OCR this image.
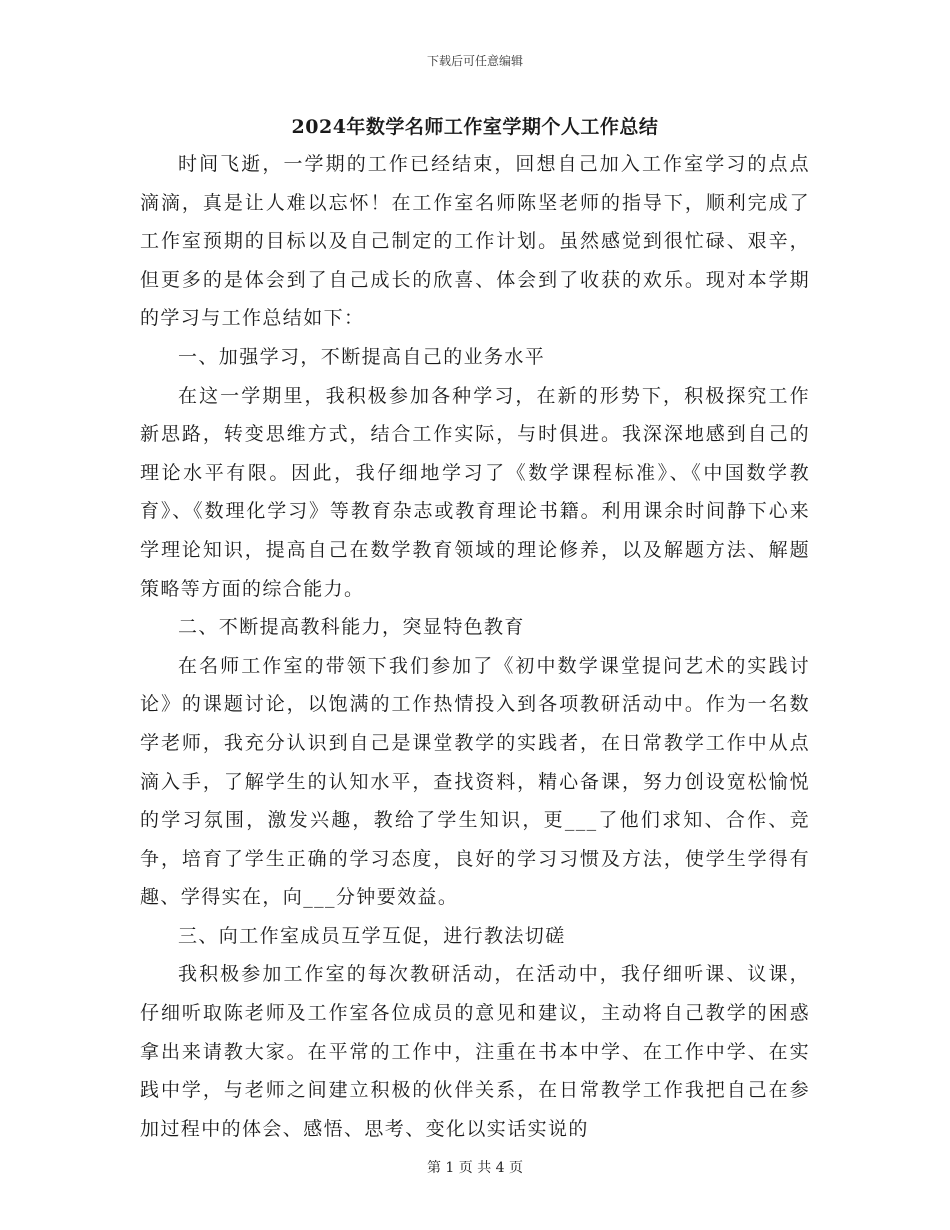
下载后可任意编辑
2024年数学名师工作室学期个人工作总结

时间飞逝，一学期的工作已经结束，回想自己加入工作室学习的点点滴滴，真是让人难以忘怀！在工作室名师陈坚老师的指导下，顺利完成了工作室预期的目标以及自己制定的工作计划。虽然感觉到很忙碌、艰辛，但更多的是体会到了自己成长的欣喜、体会到了收获的欢乐。现对本学期的学习与工作总结如下：

一、加强学习，不断提高自己的业务水平

在这一学期里，我积极参加各种学习，在新的形势下，积极探究工作新思路，转变思维方式，结合工作实际，与时俱进。我深深地感到自己的理论水平有限。因此，我仔细地学习了《数学课程标准》、《中国数学教育》、《数理化学习》等教育杂志或教育理论书籍。利用课余时间静下心来学理论知识，提高自己在数学教育领域的理论修养，以及解题方法、解题策略等方面的综合能力。

二、不断提高教科能力，突显特色教育

在名师工作室的带领下我们参加了《初中数学课堂提问艺术的实践讨论》的课题讨论，以饱满的工作热情投入到各项教研活动中。作为一名数学老师，我充分认识到自己是课堂教学的实践者，在日常教学工作中从点滴入手，了解学生的认知水平，查找资料，精心备课，努力创设宽松愉悦的学习氛围，激发兴趣，教给了学生知识，更___了他们求知、合作、竞争，培育了学生正确的学习态度，良好的学习习惯及方法，使学生学得有趣、学得实在，向___分钟要效益。

三、向工作室成员互学互促，进行教法切磋

我积极参加工作室的每次教研活动，在活动中，我仔细听课、议课，仔细听取陈老师及工作室各位成员的意见和建议，主动将自己教学的困惑拿出来请教大家。在平常的工作中，注重在书本中学、在工作中学、在实践中学，与老师之间建立积极的伙伴关系，在日常教学工作我把自己在参加过程中的体会、感悟、思考、变化以实话实说的

第 1 页 共 4 页
